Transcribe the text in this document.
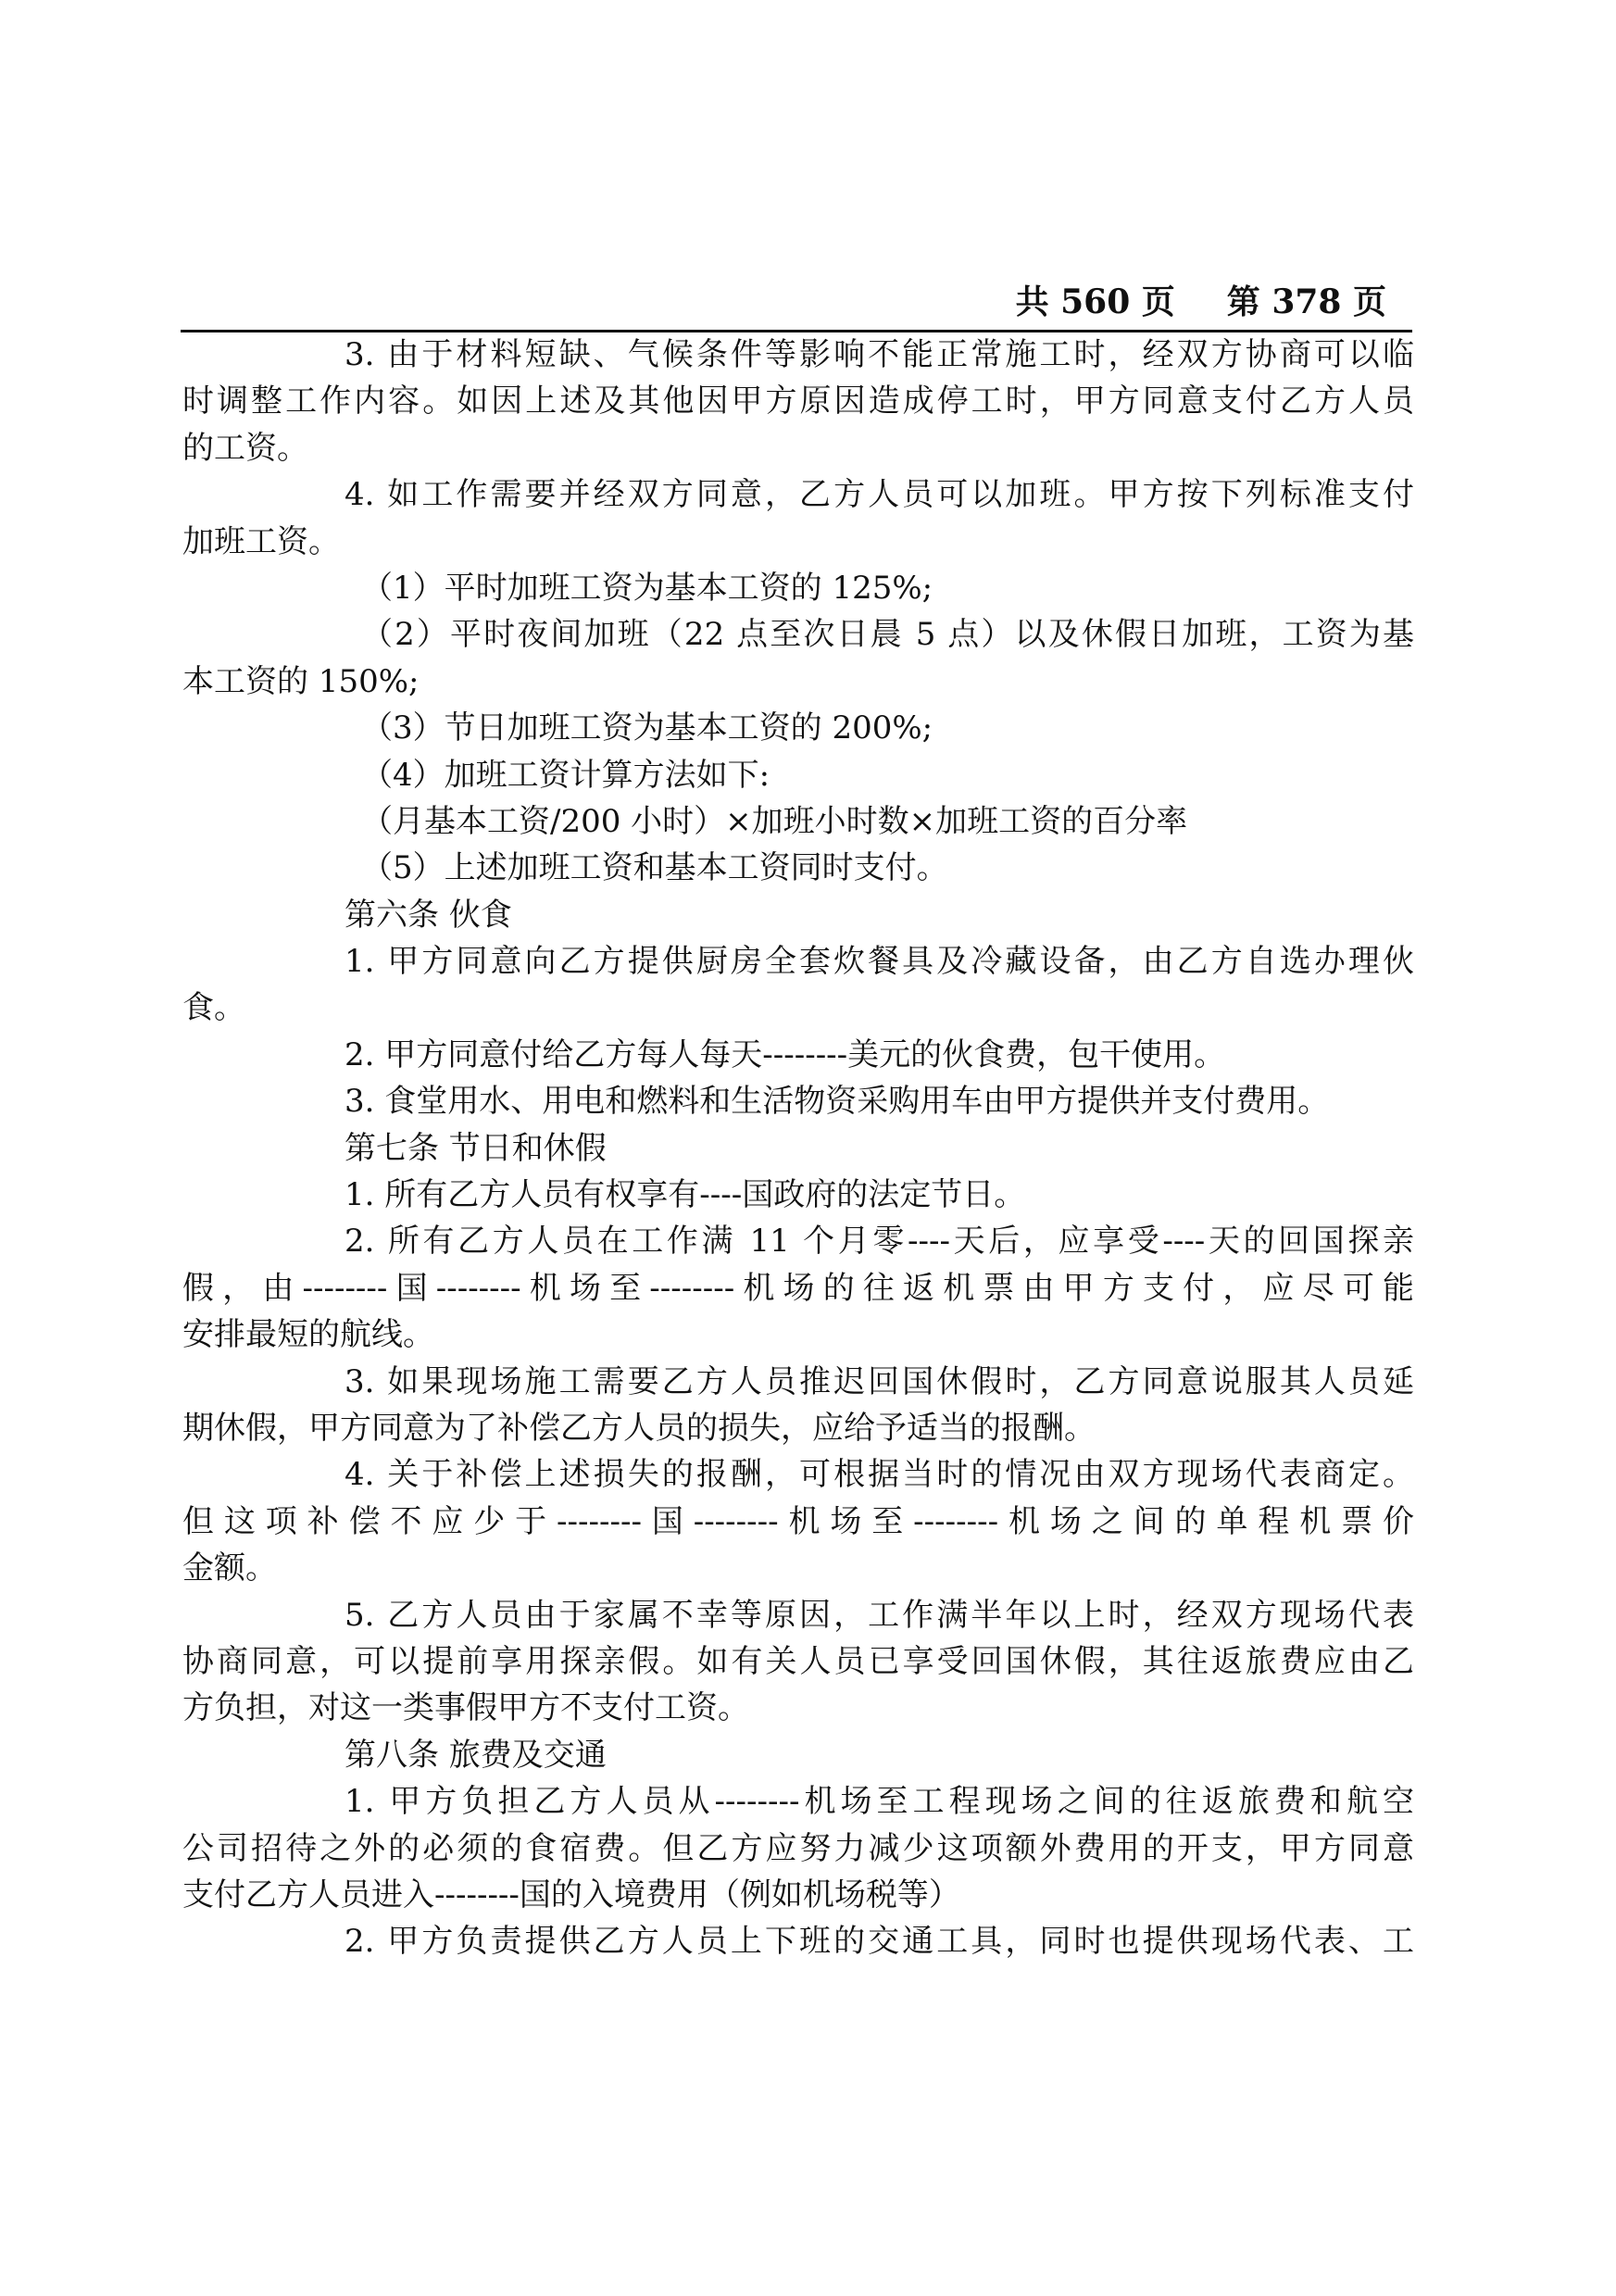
共 560 页 第 378 页
3. 由于材料短缺、气候条件等影响不能正常施工时，经双方协商可以临
时调整工作内容。如因上述及其他因甲方原因造成停工时，甲方同意支付乙方人员
的工资。
4. 如工作需要并经双方同意，乙方人员可以加班。甲方按下列标准支付
加班工资。
（1）平时加班工资为基本工资的 125%;
（2）平时夜间加班（22 点至次日晨 5 点）以及休假日加班，工资为基
本工资的 150%;
（3）节日加班工资为基本工资的 200%;
（4）加班工资计算方法如下:
（月基本工资/200 小时）×加班小时数×加班工资的百分率
（5）上述加班工资和基本工资同时支付。
第六条 伙食
1. 甲方同意向乙方提供厨房全套炊餐具及冷藏设备，由乙方自选办理伙
食。
2. 甲方同意付给乙方每人每天--------美元的伙食费，包干使用。
3. 食堂用水、用电和燃料和生活物资采购用车由甲方提供并支付费用。
第七条 节日和休假
1. 所有乙方人员有权享有----国政府的法定节日。
2. 所有乙方人员在工作满 11 个月零----天后，应享受----天的回国探亲
假，由--------国--------机场至--------机场的往返机票由甲方支付，应尽可能
安排最短的航线。
3. 如果现场施工需要乙方人员推迟回国休假时，乙方同意说服其人员延
期休假，甲方同意为了补偿乙方人员的损失，应给予适当的报酬。
4. 关于补偿上述损失的报酬，可根据当时的情况由双方现场代表商定。
但这项补偿不应少于--------国--------机场至--------机场之间的单程机票价
金额。
5. 乙方人员由于家属不幸等原因，工作满半年以上时，经双方现场代表
协商同意，可以提前享用探亲假。如有关人员已享受回国休假，其往返旅费应由乙
方负担，对这一类事假甲方不支付工资。
第八条 旅费及交通
1. 甲方负担乙方人员从--------机场至工程现场之间的往返旅费和航空
公司招待之外的必须的食宿费。但乙方应努力减少这项额外费用的开支，甲方同意
支付乙方人员进入--------国的入境费用（例如机场税等）
2. 甲方负责提供乙方人员上下班的交通工具，同时也提供现场代表、工
